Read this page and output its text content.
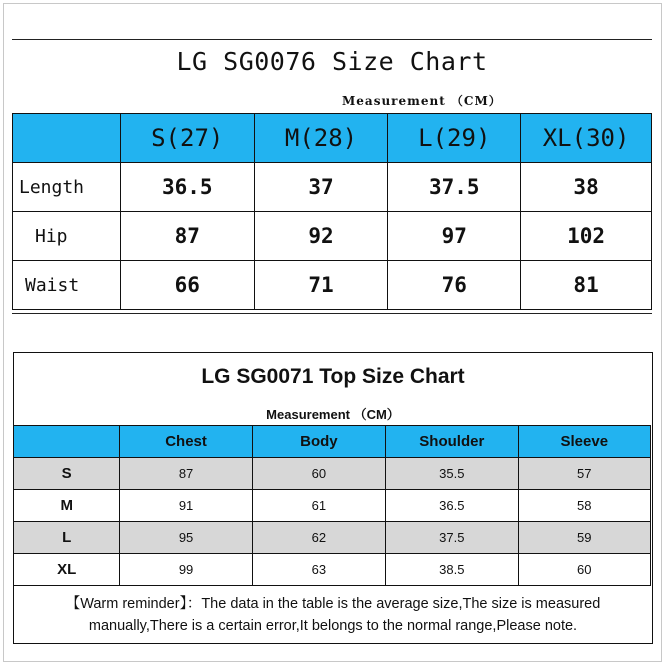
LG SG0076 Size Chart
Measurement （CM）
	S(27)	M(28)	L(29)	XL(30)
Length	36.5	37	37.5	38
Hip	87	92	97	102
Waist	66	71	76	81
LG SG0071 Top Size Chart
Measurement （CM）
	Chest	Body	Shoulder	Sleeve
S	87	60	35.5	57
M	91	61	36.5	58
L	95	62	37.5	59
XL	99	63	38.5	60
【Warm reminder】：The data in the table is the average size,The size is measured
manually,There is a certain error,It belongs to the normal range,Please note.
